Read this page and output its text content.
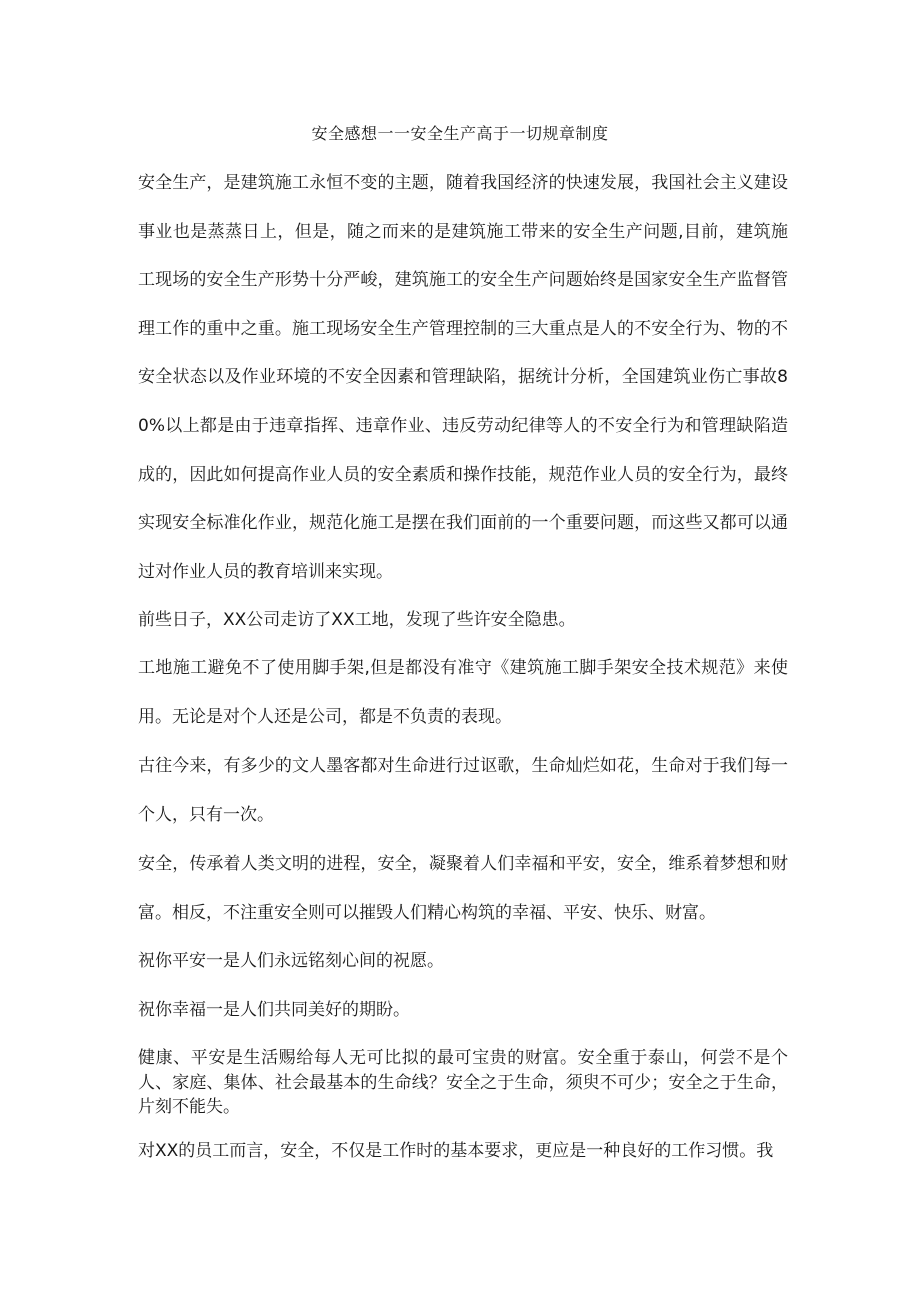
安全感想一一安全生产高于一切规章制度

安全生产，是建筑施工永恒不变的主题，随着我国经济的快速发展，我国社会主义建设事业也是蒸蒸日上，但是，随之而来的是建筑施工带来的安全生产问题,目前，建筑施工现场的安全生产形势十分严峻，建筑施工的安全生产问题始终是国家安全生产监督管理工作的重中之重。施工现场安全生产管理控制的三大重点是人的不安全行为、物的不安全状态以及作业环境的不安全因素和管理缺陷，据统计分析，全国建筑业伤亡事故80%以上都是由于违章指挥、违章作业、违反劳动纪律等人的不安全行为和管理缺陷造成的，因此如何提高作业人员的安全素质和操作技能，规范作业人员的安全行为，最终实现安全标准化作业，规范化施工是摆在我们面前的一个重要问题，而这些又都可以通过对作业人员的教育培训来实现。

前些日子，XX公司走访了XX工地，发现了些许安全隐患。

工地施工避免不了使用脚手架,但是都没有准守《建筑施工脚手架安全技术规范》来使用。无论是对个人还是公司，都是不负责的表现。

古往今来，有多少的文人墨客都对生命进行过讴歌，生命灿烂如花，生命对于我们每一个人，只有一次。

安全，传承着人类文明的进程，安全，凝聚着人们幸福和平安，安全，维系着梦想和财富。相反，不注重安全则可以摧毁人们精心构筑的幸福、平安、快乐、财富。

祝你平安一是人们永远铭刻心间的祝愿。

祝你幸福一是人们共同美好的期盼。

健康、平安是生活赐给每人无可比拟的最可宝贵的财富。安全重于泰山，何尝不是个人、家庭、集体、社会最基本的生命线？安全之于生命，须臾不可少；安全之于生命，片刻不能失。

对XX的员工而言，安全，不仅是工作时的基本要求，更应是一种良好的工作习惯。我
